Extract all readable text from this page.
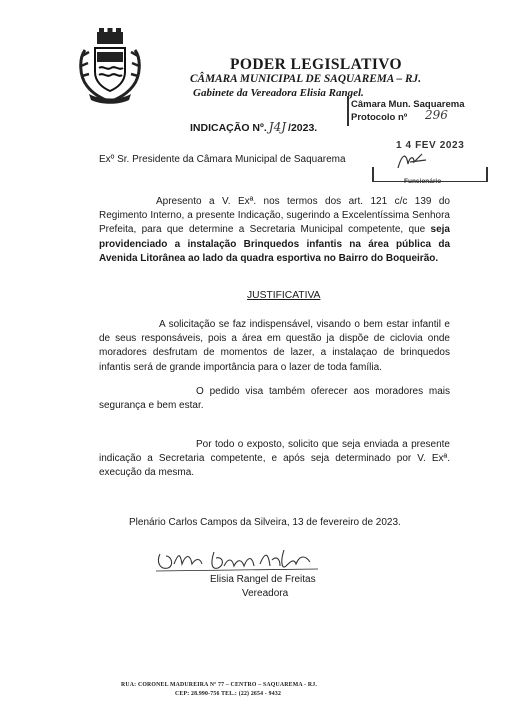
PODER LEGISLATIVO
CÂMARA MUNICIPAL DE SAQUAREMA – RJ.
Gabinete da Vereadora Elisia Rangel.
Câmara Mun. Saquarema
Protocolo nº 296
INDICAÇÃO Nº. J4J /2023.
1 4 FEV 2023
Funcionário
Exº Sr. Presidente da Câmara Municipal de Saquarema
Apresento a V. Exª. nos termos dos art. 121 c/c 139 do Regimento Interno, a presente Indicação, sugerindo a Excelentíssima Senhora Prefeita, para que determine a Secretaria Municipal competente, que seja providenciado a instalação Brinquedos infantis na área pública da Avenida Litorânea ao lado da quadra esportiva no Bairro do Boqueirão.
JUSTIFICATIVA
A solicitação se faz indispensável, visando o bem estar infantil e de seus responsáveis, pois a área em questão ja dispõe de ciclovia onde moradores desfrutam de momentos de lazer, a instalaçao de brinquedos infantis será de grande importância para o lazer de toda família.
O pedido visa também oferecer aos moradores mais segurança e bem estar.
Por todo o exposto, solicito que seja enviada a presente indicação a Secretaria competente, e após seja determinado por V. Exª. execução da mesma.
Plenário Carlos Campos da Silveira, 13 de fevereiro de 2023.
Elisia Rangel de Freitas
Vereadora
RUA: CORONEL MADUREIRA Nº 77 – CENTRO – SAQUAREMA - RJ.
CEP: 28.990-756 TEL.: (22) 2654 - 9432
